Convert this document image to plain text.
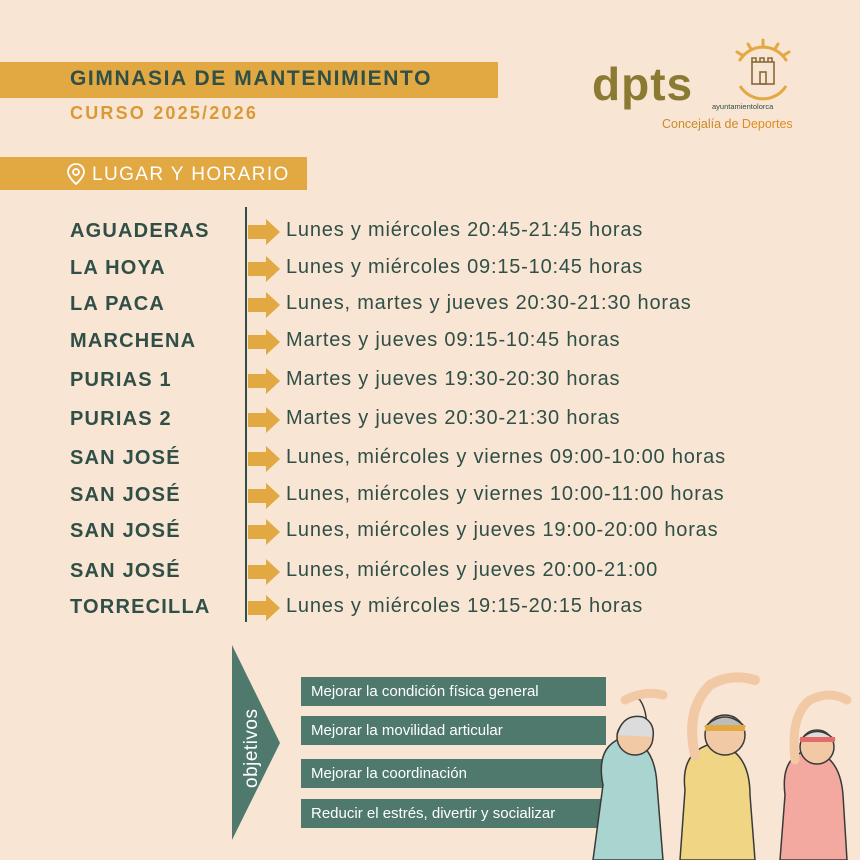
GIMNASIA DE MANTENIMIENTO
CURSO 2025/2026
dpts	ayuntamientolorca
Concejalía de Deportes
LUGAR Y HORARIO
AGUADERAS	Lunes y miércoles 20:45-21:45 horas
LA HOYA	Lunes y miércoles 09:15-10:45 horas
LA PACA	Lunes, martes y jueves 20:30-21:30 horas
MARCHENA	Martes y jueves 09:15-10:45 horas
PURIAS 1	Martes y jueves 19:30-20:30 horas
PURIAS 2	Martes y jueves 20:30-21:30 horas
SAN JOSÉ	Lunes, miércoles y viernes 09:00-10:00 horas
SAN JOSÉ	Lunes, miércoles y viernes 10:00-11:00 horas
SAN JOSÉ	Lunes, miércoles y jueves 19:00-20:00 horas
SAN JOSÉ	Lunes, miércoles y jueves 20:00-21:00
TORRECILLA	Lunes y miércoles 19:15-20:15 horas
objetivos
Mejorar la condición física general
Mejorar la movilidad articular
Mejorar la coordinación
Reducir el estrés, divertir y socializar
